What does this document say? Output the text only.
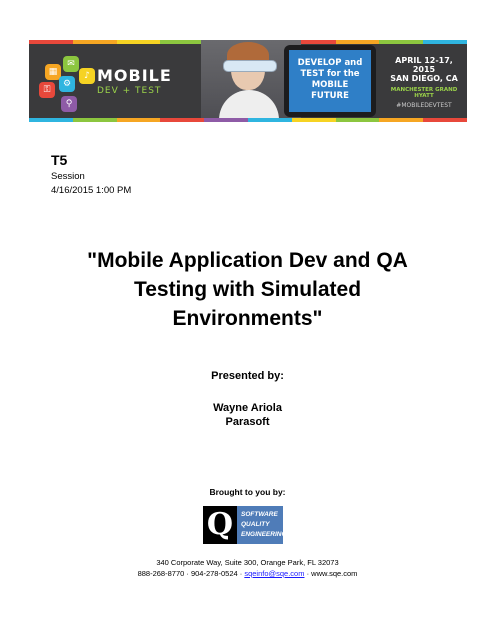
▦
✉
⚿
⚙
⚲
♪ MOBILE
DEV + TEST
DEVELOP and
TEST for the
MOBILE
FUTURE
APRIL 12-17, 2015
SAN DIEGO, CA
MANCHESTER GRAND HYATT
#MOBILEDEVTEST
T5
Session
4/16/2015 1:00 PM
"Mobile Application Dev and QA
Testing with Simulated
Environments"
Presented by:
Wayne Ariola
Parasoft
Brought to you by:
Q	SOFTWARE
QUALITY
ENGINEERING
340 Corporate Way, Suite 300, Orange Park, FL 32073
888-268-8770 · 904-278-0524 · sqeinfo@sqe.com · www.sqe.com
